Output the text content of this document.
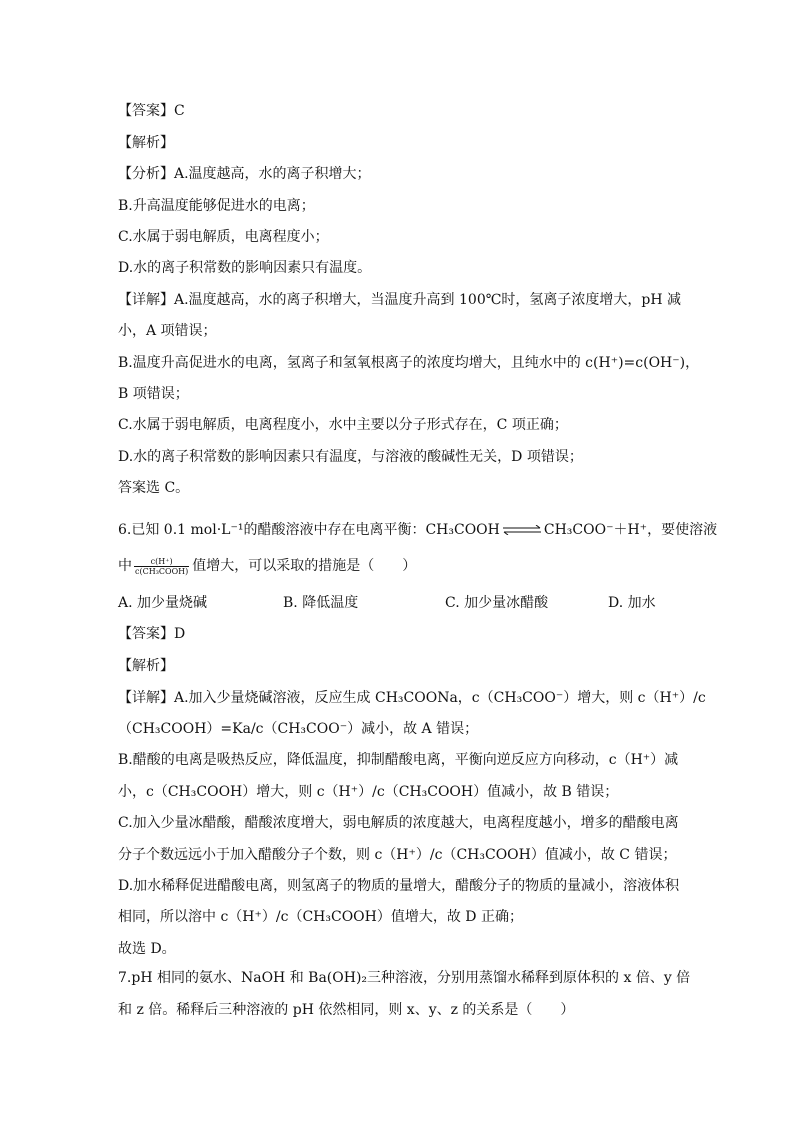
【答案】C
【解析】
【分析】A.温度越高，水的离子积增大；
B.升高温度能够促进水的电离；
C.水属于弱电解质，电离程度小；
D.水的离子积常数的影响因素只有温度。
【详解】A.温度越高，水的离子积增大，当温度升高到 100℃时，氢离子浓度增大，pH 减
小，A 项错误；
B.温度升高促进水的电离，氢离子和氢氧根离子的浓度均增大，且纯水中的 c(H⁺)=c(OH⁻)，
B 项错误；
C.水属于弱电解质，电离程度小，水中主要以分子形式存在，C 项正确；
D.水的离子积常数的影响因素只有温度，与溶液的酸碱性无关，D 项错误；
答案选 C。
6.已知 0.1 mol·L⁻¹的醋酸溶液中存在电离平衡：CH₃COOH ⇌ CH₃COO⁻＋H⁺，要使溶液
中 $\frac{c(H^+)}{\text{c(CH₃COOH)}}$ 值增大，可以采取的措施是（　　）
A. 加少量烧碱	B. 降低温度	C. 加少量冰醋酸	D. 加水
【答案】D
【解析】
【详解】A.加入少量烧碱溶液，反应生成 CH₃COONa，c（CH₃COO⁻）增大，则 c（H⁺）/c
（CH₃COOH）=Ka/c（CH₃COO⁻）减小，故 A 错误；
B.醋酸的电离是吸热反应，降低温度，抑制醋酸电离，平衡向逆反应方向移动，c（H⁺）减
小，c（CH₃COOH）增大，则 c（H⁺）/c（CH₃COOH）值减小，故 B 错误；
C.加入少量冰醋酸，醋酸浓度增大，弱电解质的浓度越大，电离程度越小，增多的醋酸电离
分子个数远远小于加入醋酸分子个数，则 c（H⁺）/c（CH₃COOH）值减小，故 C 错误；
D.加水稀释促进醋酸电离，则氢离子的物质的量增大，醋酸分子的物质的量减小，溶液体积
相同，所以溶中 c（H⁺）/c（CH₃COOH）值增大，故 D 正确；
故选 D。
7.pH 相同的氨水、NaOH 和 Ba(OH)₂三种溶液，分别用蒸馏水稀释到原体积的 x 倍、y 倍
和 z 倍。稀释后三种溶液的 pH 依然相同，则 x、y、z 的关系是（　　）
